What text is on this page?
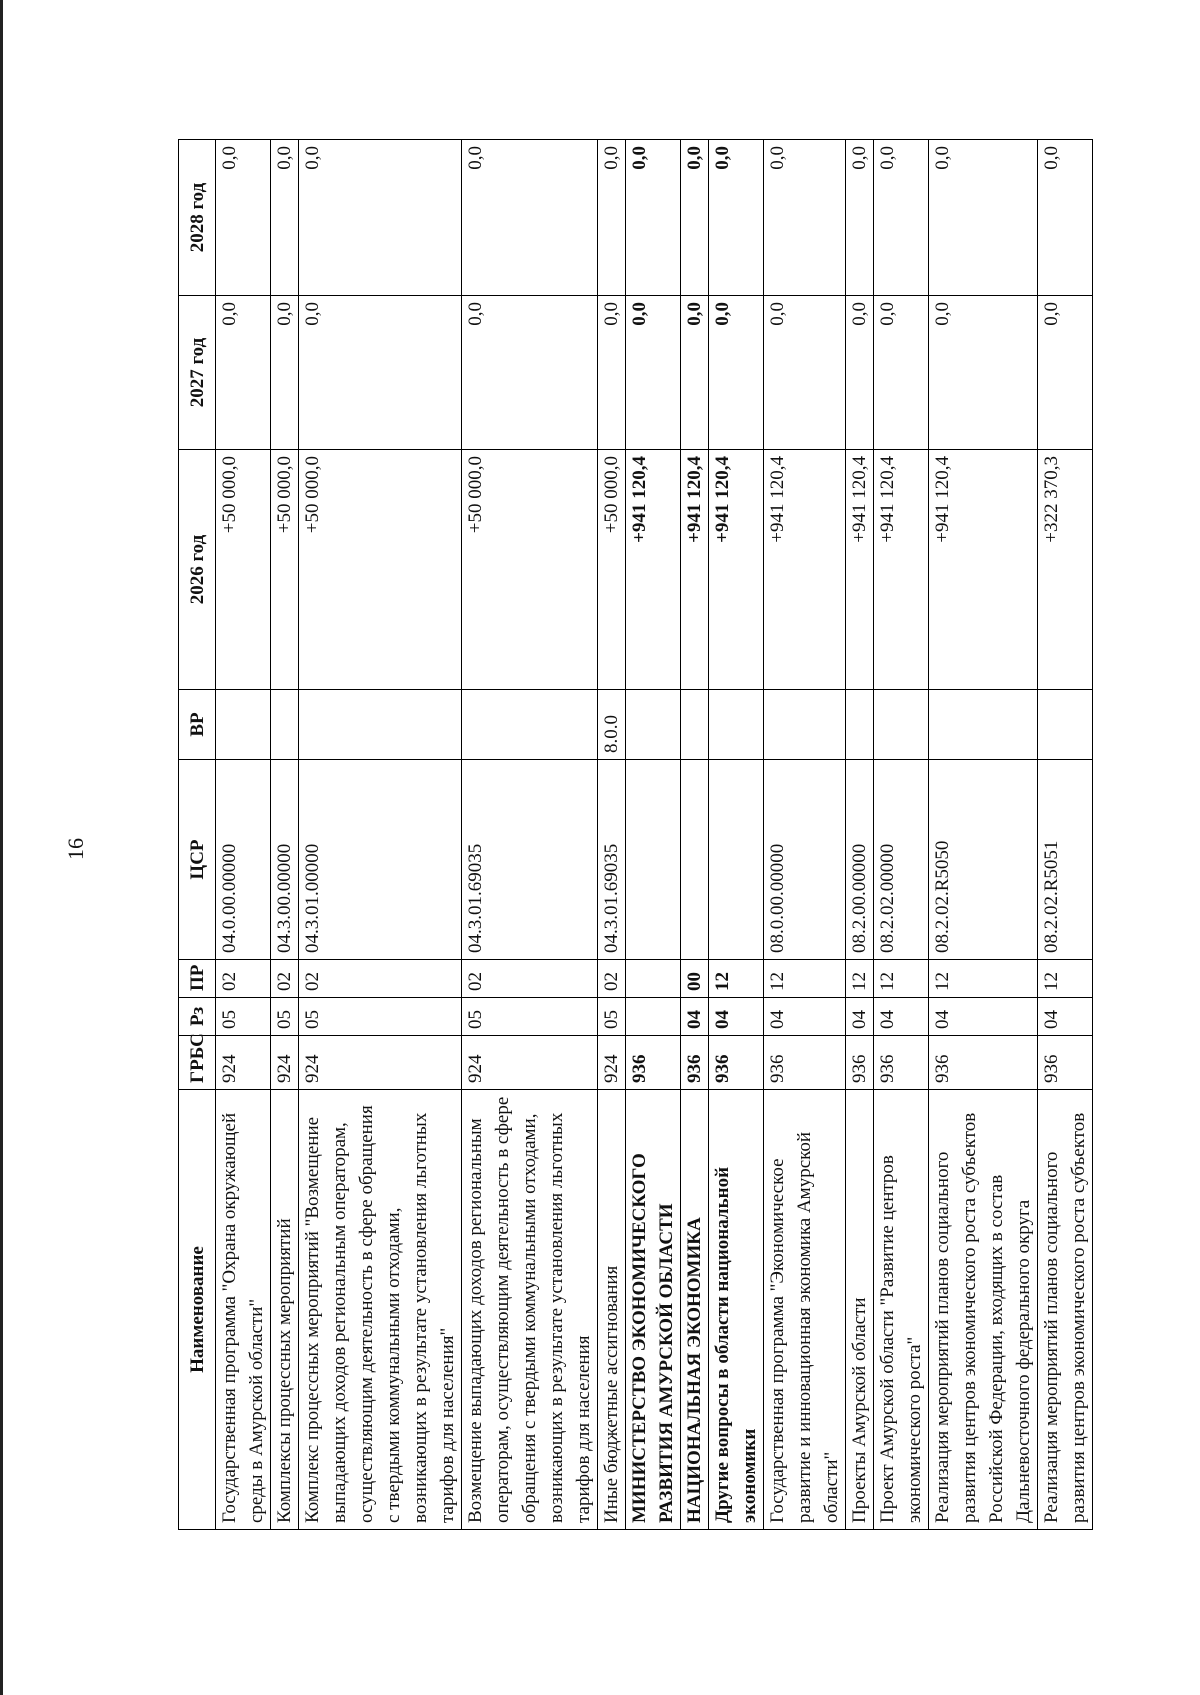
16
Наименование	ГРБС	Рз	ПР	ЦСР	ВР	2026 год	2027 год	2028 год
Государственная программа "Охрана окружающей среды в Амурской области"	924	05	02	04.0.00.00000		+50 000,0	0,0	0,0
Комплексы процессных мероприятий	924	05	02	04.3.00.00000		+50 000,0	0,0	0,0
Комплекс процессных мероприятий "Возмещение выпадающих доходов региональным операторам, осуществляющим деятельность в сфере обращения с твердыми коммунальными отходами, возникающих в результате установления льготных тарифов для населения"	924	05	02	04.3.01.00000		+50 000,0	0,0	0,0
Возмещение выпадающих доходов региональным операторам, осуществляющим деятельность в сфере обращения с твердыми коммунальными отходами, возникающих в результате установления льготных тарифов для населения	924	05	02	04.3.01.69035		+50 000,0	0,0	0,0
Иные бюджетные ассигнования	924	05	02	04.3.01.69035	8.0.0	+50 000,0	0,0	0,0
МИНИСТЕРСТВО ЭКОНОМИЧЕСКОГО РАЗВИТИЯ АМУРСКОЙ ОБЛАСТИ	936					+941 120,4	0,0	0,0
НАЦИОНАЛЬНАЯ ЭКОНОМИКА	936	04	00			+941 120,4	0,0	0,0
Другие вопросы в области национальной экономики	936	04	12			+941 120,4	0,0	0,0
Государственная программа "Экономическое развитие и инновационная экономика Амурской области"	936	04	12	08.0.00.00000		+941 120,4	0,0	0,0
Проекты Амурской области	936	04	12	08.2.00.00000		+941 120,4	0,0	0,0
Проект Амурской области "Развитие центров экономического роста"	936	04	12	08.2.02.00000		+941 120,4	0,0	0,0
Реализация мероприятий планов социального развития центров экономического роста субъектов Российской Федерации, входящих в состав Дальневосточного федерального округа	936	04	12	08.2.02.R5050		+941 120,4	0,0	0,0
Реализация мероприятий планов социального развития центров экономического роста субъектов	936	04	12	08.2.02.R5051		+322 370,3	0,0	0,0
